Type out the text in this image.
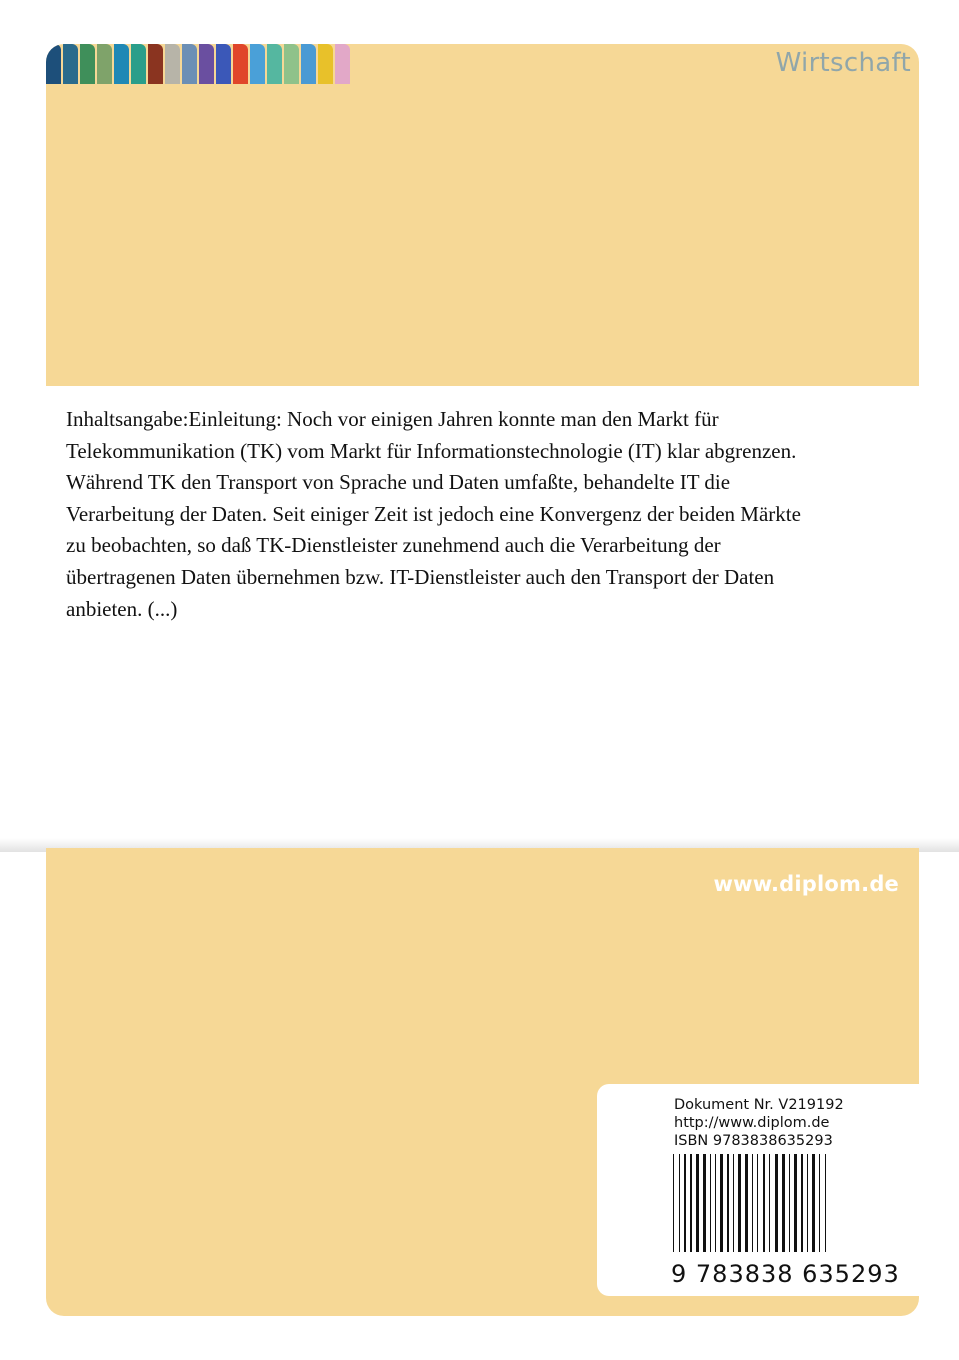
Wirtschaft

Inhaltsangabe:Einleitung: Noch vor einigen Jahren konnte man den Markt für

Telekommunikation (TK) vom Markt für Informationstechnologie (IT) klar abgrenzen.

Während TK den Transport von Sprache und Daten umfaßte, behandelte IT die

Verarbeitung der Daten. Seit einiger Zeit ist jedoch eine Konvergenz der beiden Märkte

zu beobachten, so daß TK-Dienstleister zunehmend auch die Verarbeitung der

übertragenen Daten übernehmen bzw. IT-Dienstleister auch den Transport der Daten

anbieten. (...)

www.diplom.de
Dokument Nr. V219192
http://www.diplom.de
ISBN 9783838635293
9 783838 635293
